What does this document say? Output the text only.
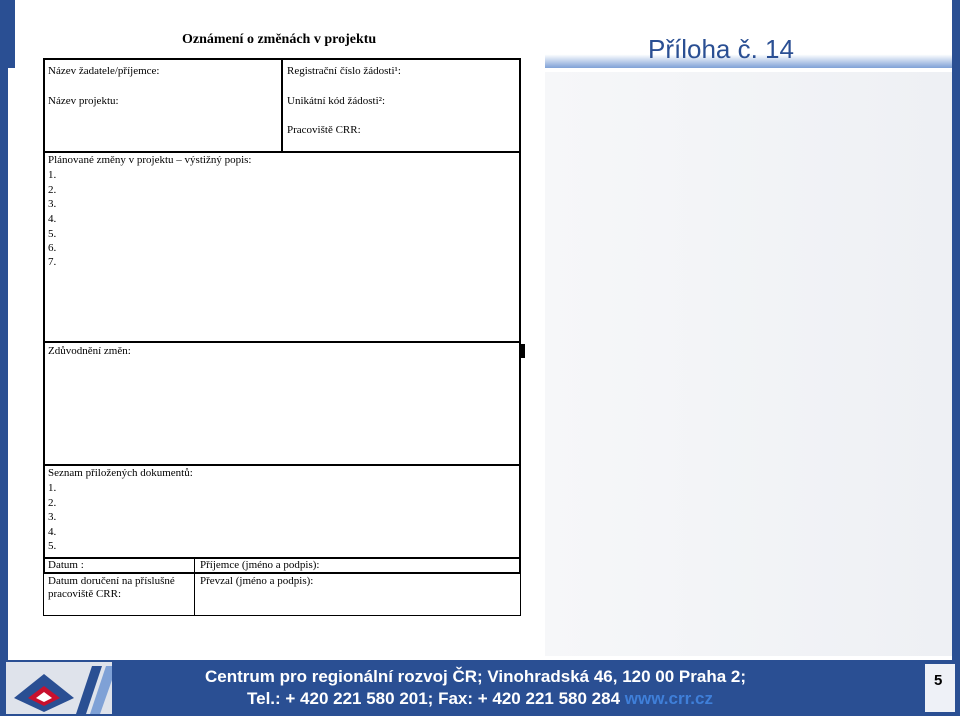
Příloha č. 14
Oznámení o změnách v projektu
Název žadatele/příjemce:
Název projektu:
Registrační číslo žádosti¹:
Unikátní kód žádosti²:
Pracoviště CRR:
Plánované změny v projektu – výstižný popis:
1.
2.
3.
4.
5.
6.
7.
Zdůvodnění změn:
Seznam přiložených dokumentů:
1.
2.
3.
4.
5.
Datum :	Příjemce (jméno a podpis):
Datum doručení na příslušné pracoviště CRR:
Převzal (jméno a podpis):
Centrum pro regionální rozvoj ČR; Vinohradská 46, 120 00 Praha 2;
Tel.: + 420 221 580 201; Fax: + 420 221 580 284 www.crr.cz
5
